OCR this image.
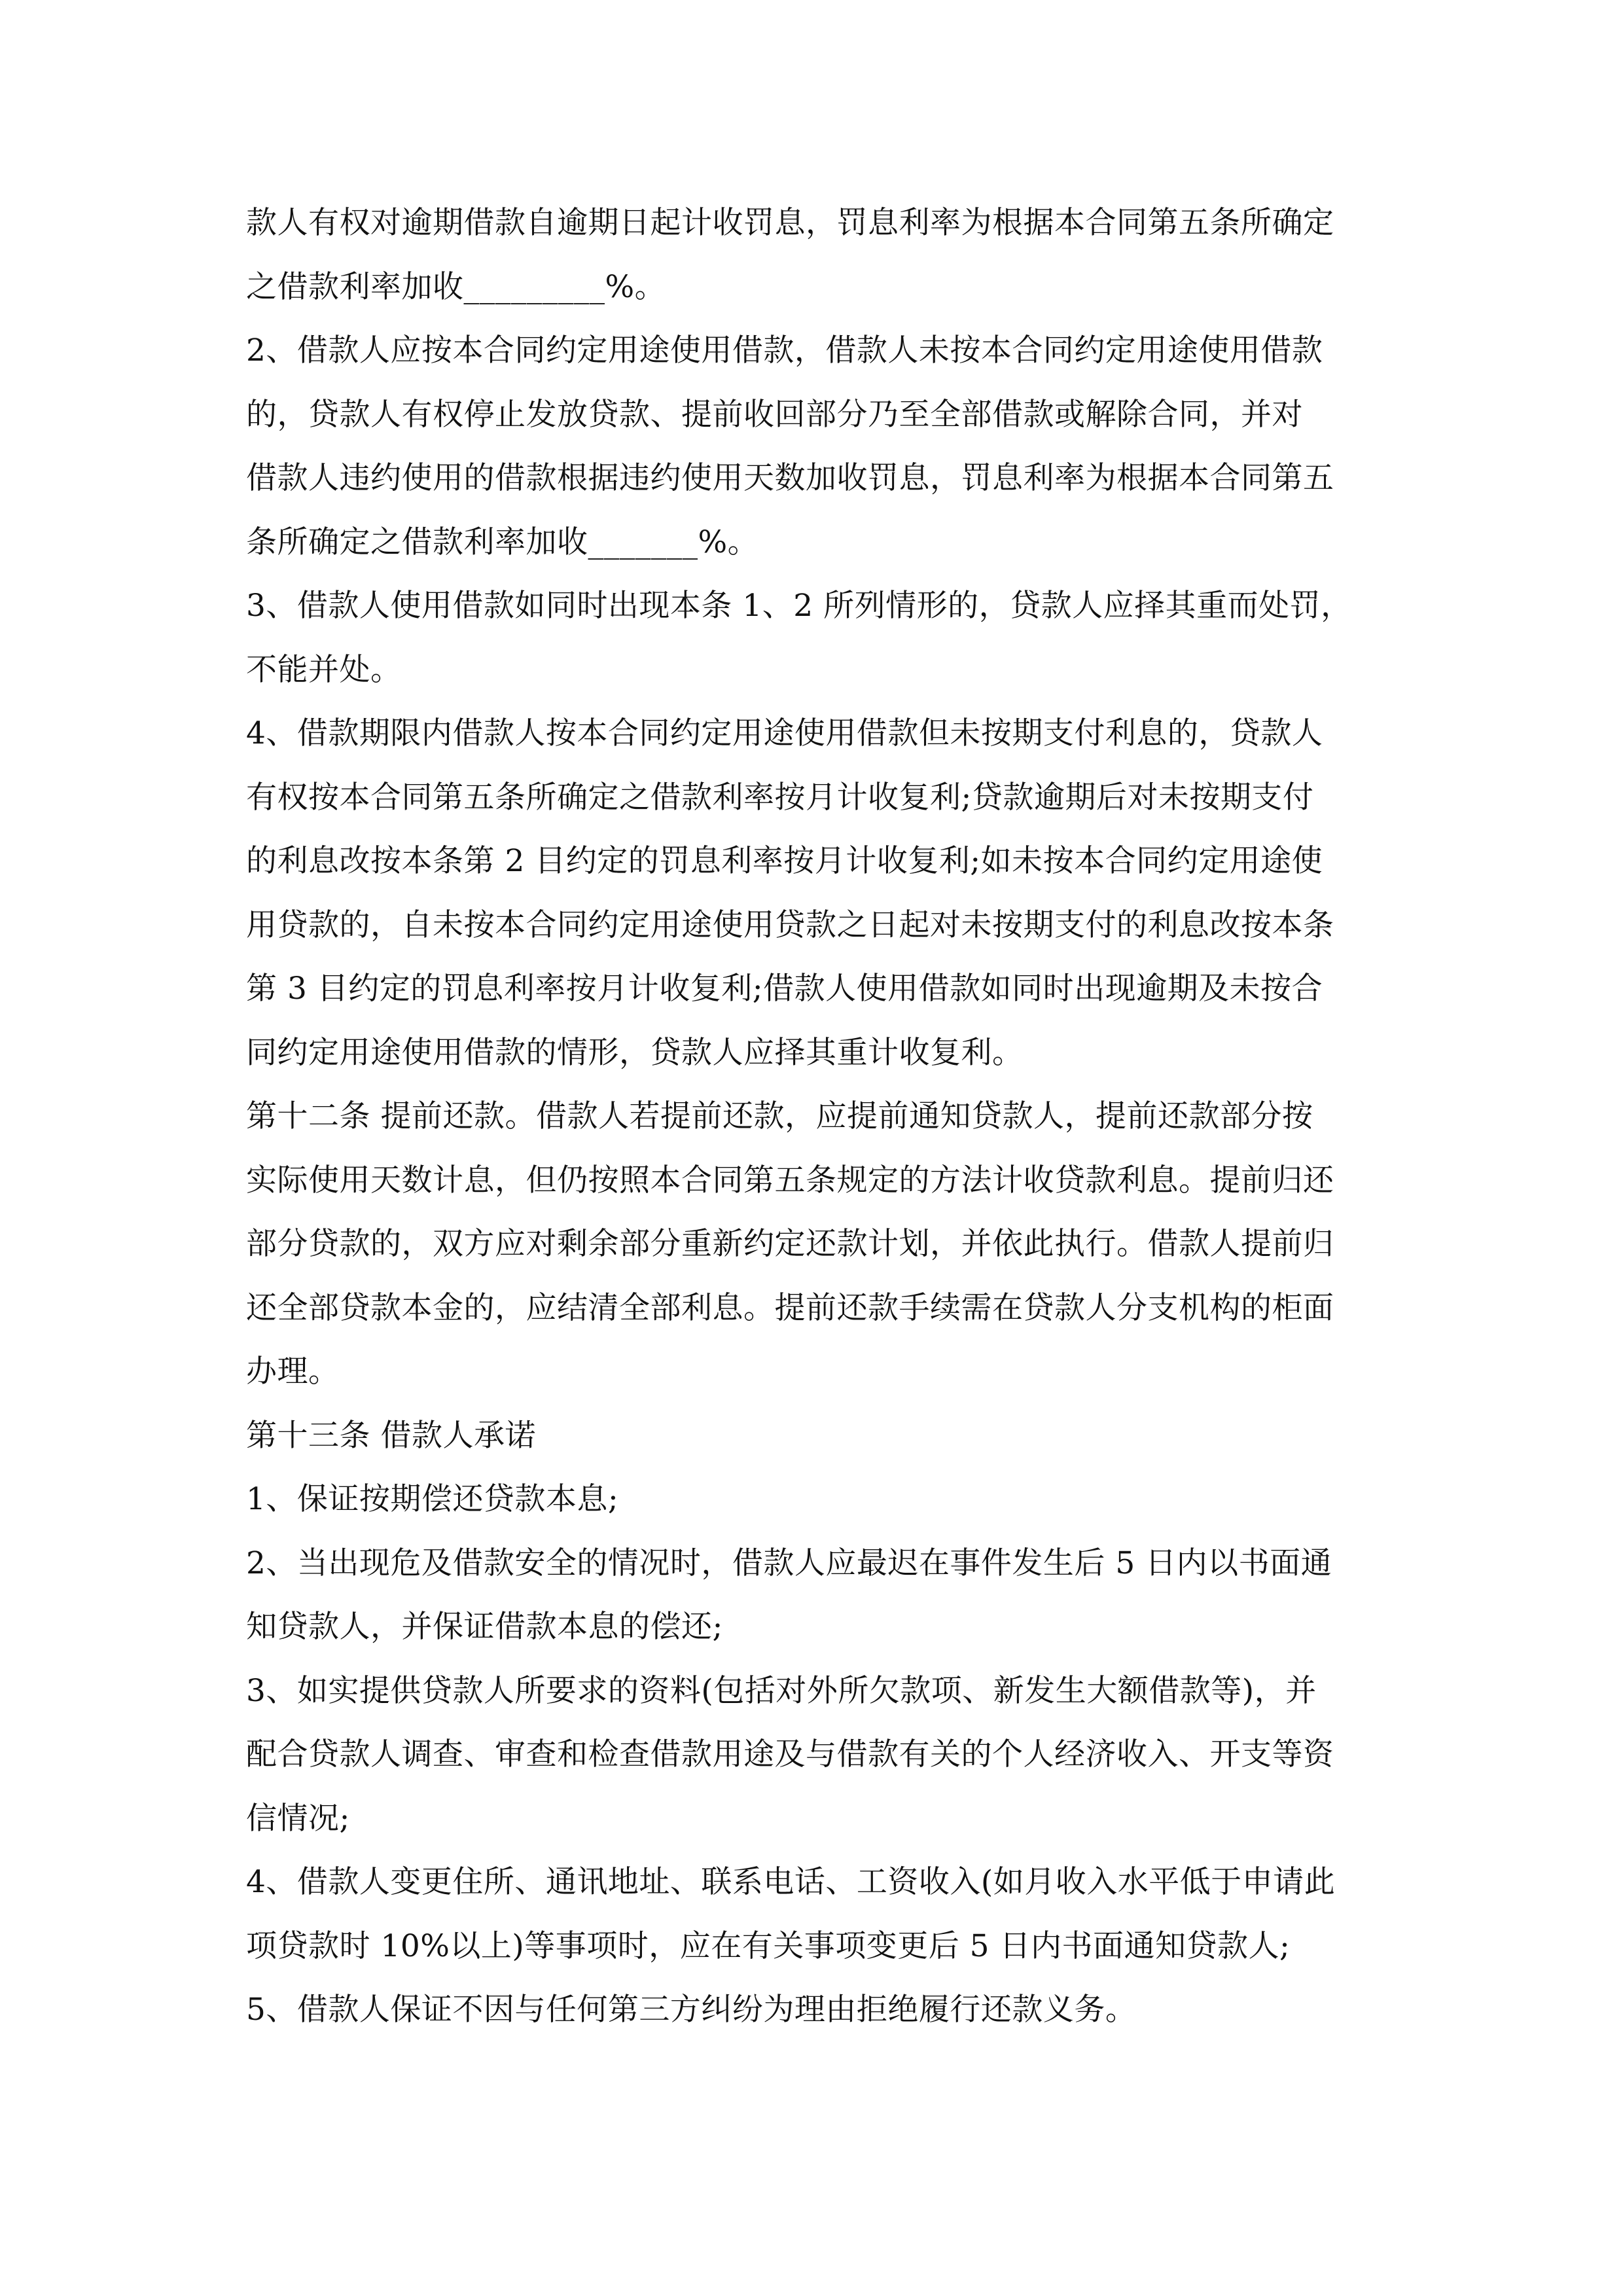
款人有权对逾期借款自逾期日起计收罚息，罚息利率为根据本合同第五条所确定
之借款利率加收_________%。
2、借款人应按本合同约定用途使用借款，借款人未按本合同约定用途使用借款
的，贷款人有权停止发放贷款、提前收回部分乃至全部借款或解除合同，并对
借款人违约使用的借款根据违约使用天数加收罚息，罚息利率为根据本合同第五
条所确定之借款利率加收_______%。
3、借款人使用借款如同时出现本条 1、2 所列情形的，贷款人应择其重而处罚，
不能并处。
4、借款期限内借款人按本合同约定用途使用借款但未按期支付利息的，贷款人
有权按本合同第五条所确定之借款利率按月计收复利;贷款逾期后对未按期支付
的利息改按本条第 2 目约定的罚息利率按月计收复利;如未按本合同约定用途使
用贷款的，自未按本合同约定用途使用贷款之日起对未按期支付的利息改按本条
第 3 目约定的罚息利率按月计收复利;借款人使用借款如同时出现逾期及未按合
同约定用途使用借款的情形，贷款人应择其重计收复利。
第十二条 提前还款。借款人若提前还款，应提前通知贷款人，提前还款部分按
实际使用天数计息，但仍按照本合同第五条规定的方法计收贷款利息。提前归还
部分贷款的，双方应对剩余部分重新约定还款计划，并依此执行。借款人提前归
还全部贷款本金的，应结清全部利息。提前还款手续需在贷款人分支机构的柜面
办理。
第十三条 借款人承诺
1、保证按期偿还贷款本息;
2、当出现危及借款安全的情况时，借款人应最迟在事件发生后 5 日内以书面通
知贷款人，并保证借款本息的偿还;
3、如实提供贷款人所要求的资料(包括对外所欠款项、新发生大额借款等)，并
配合贷款人调查、审查和检查借款用途及与借款有关的个人经济收入、开支等资
信情况;
4、借款人变更住所、通讯地址、联系电话、工资收入(如月收入水平低于申请此
项贷款时 10%以上)等事项时，应在有关事项变更后 5 日内书面通知贷款人;
5、借款人保证不因与任何第三方纠纷为理由拒绝履行还款义务。
